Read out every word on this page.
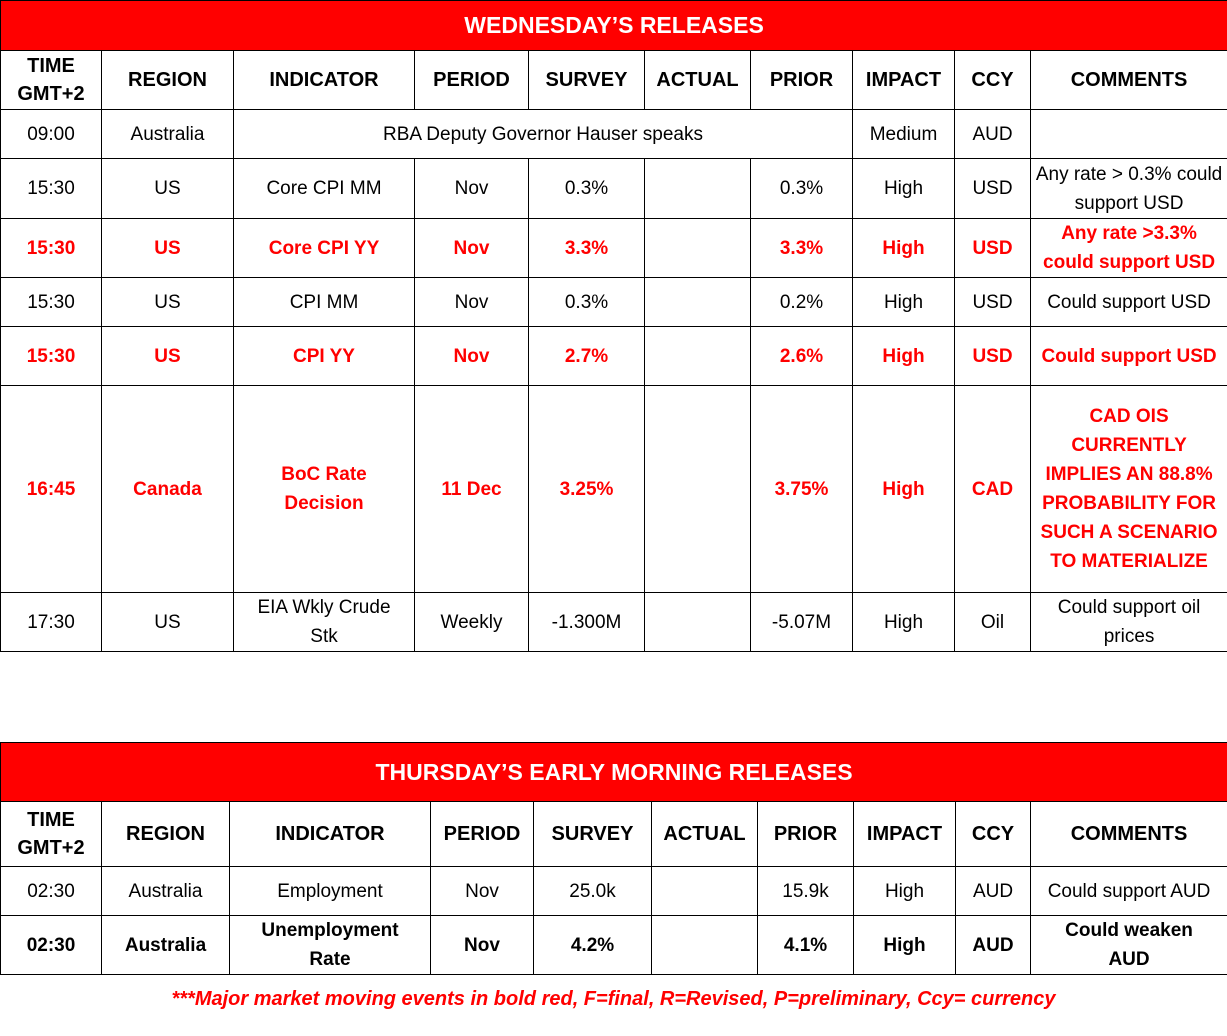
WEDNESDAY’S RELEASES									
TIME GMT+2	REGION	INDICATOR	PERIOD	SURVEY	ACTUAL	PRIOR	IMPACT	CCY	COMMENTS
09:00	Australia	RBA Deputy Governor Hauser speaks					Medium	AUD	
15:30	US	Core CPI MM	Nov	0.3%		0.3%	High	USD	Any rate > 0.3% could support USD
15:30	US	Core CPI YY	Nov	3.3%		3.3%	High	USD	Any rate >3.3% could support USD
15:30	US	CPI MM	Nov	0.3%		0.2%	High	USD	Could support USD
15:30	US	CPI YY	Nov	2.7%		2.6%	High	USD	Could support USD
16:45	Canada	BoC Rate Decision	11 Dec	3.25%		3.75%	High	CAD	CAD OIS CURRENTLY IMPLIES AN 88.8% PROBABILITY FOR SUCH A SCENARIO TO MATERIALIZE
17:30	US	EIA Wkly Crude Stk	Weekly	-1.300M		-5.07M	High	Oil	Could support oil prices
THURSDAY’S EARLY MORNING RELEASES									
TIME GMT+2	REGION	INDICATOR	PERIOD	SURVEY	ACTUAL	PRIOR	IMPACT	CCY	COMMENTS
02:30	Australia	Employment	Nov	25.0k		15.9k	High	AUD	Could support AUD
02:30	Australia	Unemployment Rate	Nov	4.2%		4.1%	High	AUD	Could weaken AUD
***Major market moving events in bold red, F=final, R=Revised, P=preliminary, Ccy= currency
